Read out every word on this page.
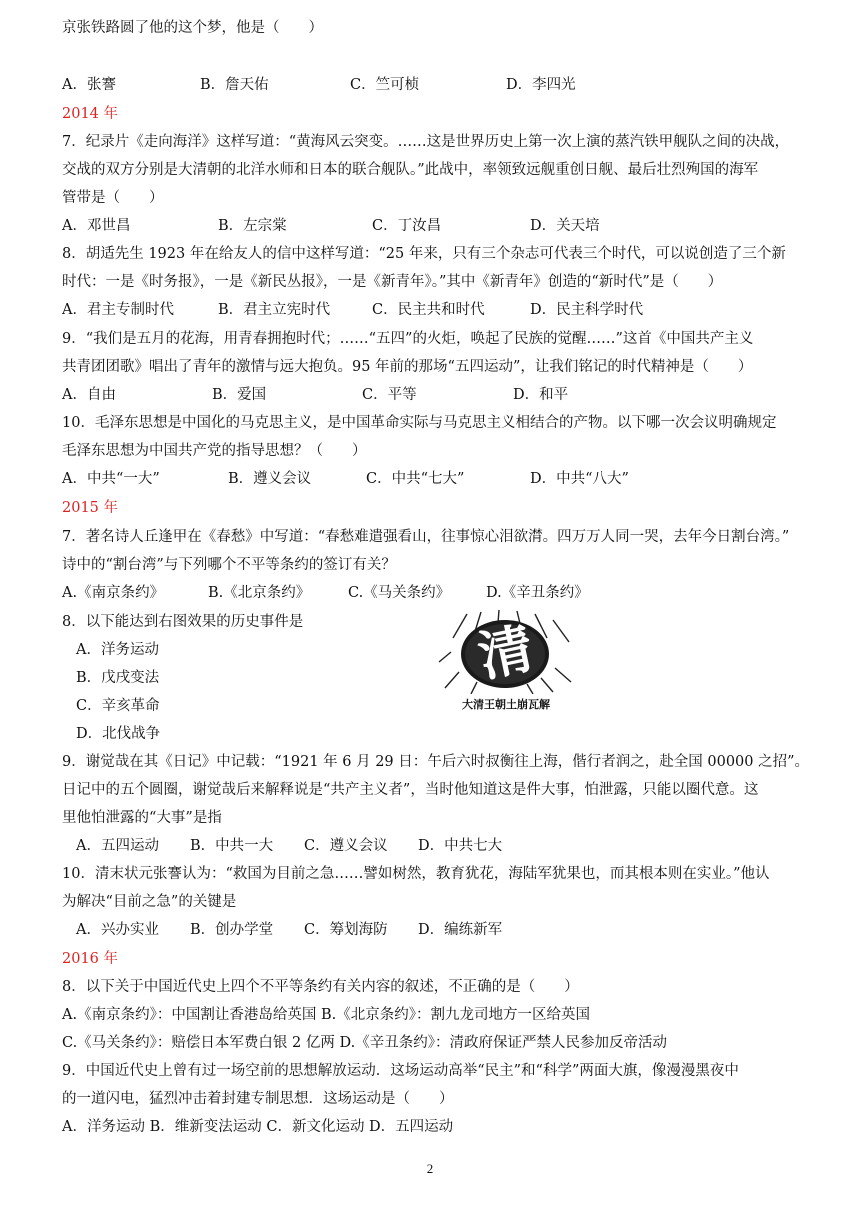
京张铁路圆了他的这个梦，他是（　　）
A．张謇	B．詹天佑	C．竺可桢	D．李四光
2014 年
7．纪录片《走向海洋》这样写道：“黄海风云突变。……这是世界历史上第一次上演的蒸汽铁甲舰队之间的决战，
交战的双方分别是大清朝的北洋水师和日本的联合舰队。”此战中，率领致远舰重创日舰、最后壮烈殉国的海军
管带是（　　）
A．邓世昌	B．左宗棠	C．丁汝昌	D．关天培
8．胡适先生 1923 年在给友人的信中这样写道：“25 年来，只有三个杂志可代表三个时代，可以说创造了三个新
时代：一是《时务报》，一是《新民丛报》，一是《新青年》。”其中《新青年》创造的“新时代”是（　　）
A．君主专制时代	B．君主立宪时代	C．民主共和时代	D．民主科学时代
9．“我们是五月的花海，用青春拥抱时代；……“五四”的火炬，唤起了民族的觉醒……”这首《中国共产主义
共青团团歌》唱出了青年的激情与远大抱负。95 年前的那场“五四运动”，让我们铭记的时代精神是（　　）
A．自由	B．爱国	C．平等	D．和平
10．毛泽东思想是中国化的马克思主义，是中国革命实际与马克思主义相结合的产物。以下哪一次会议明确规定
毛泽东思想为中国共产党的指导思想？（　　）
A．中共“一大”	B．遵义会议	C．中共“七大”	D．中共“八大”
2015 年
7．著名诗人丘逢甲在《春愁》中写道：“春愁难遣强看山，往事惊心泪欲潸。四万万人同一哭，去年今日割台湾。”
诗中的“割台湾”与下列哪个不平等条约的签订有关？
A.《南京条约》	B.《北京条约》	C.《马关条约》 D.《辛丑条约》
8．以下能达到右图效果的历史事件是
A．洋务运动
B．戊戌变法
C．辛亥革命
D．北伐战争
清
大清王朝土崩瓦解
9．谢觉哉在其《日记》中记载：“1921 年 6 月 29 日：午后六时叔衡往上海，偕行者润之，赴全国 00000 之招”。
日记中的五个圆圈，谢觉哉后来解释说是“共产主义者”，当时他知道这是件大事，怕泄露，只能以圈代意。这
里他怕泄露的“大事”是指
A．五四运动 B．中共一大 C．遵义会议 D．中共七大
10．清末状元张謇认为：“救国为目前之急……譬如树然，教育犹花，海陆军犹果也，而其根本则在实业。”他认
为解决“目前之急”的关键是
A．兴办实业 B．创办学堂 C．筹划海防 D．编练新军
2016 年
8．以下关于中国近代史上四个不平等条约有关内容的叙述，不正确的是（　　）
A.《南京条约》：中国割让香港岛给英国 B.《北京条约》：割九龙司地方一区给英国
C.《马关条约》：赔偿日本军费白银 2 亿两 D.《辛丑条约》：清政府保证严禁人民参加反帝活动
9．中国近代史上曾有过一场空前的思想解放运动．这场运动高举“民主”和“科学”两面大旗，像漫漫黑夜中
的一道闪电，猛烈冲击着封建专制思想．这场运动是（　　）
A．洋务运动 B．维新变法运动 C．新文化运动 D．五四运动
2
